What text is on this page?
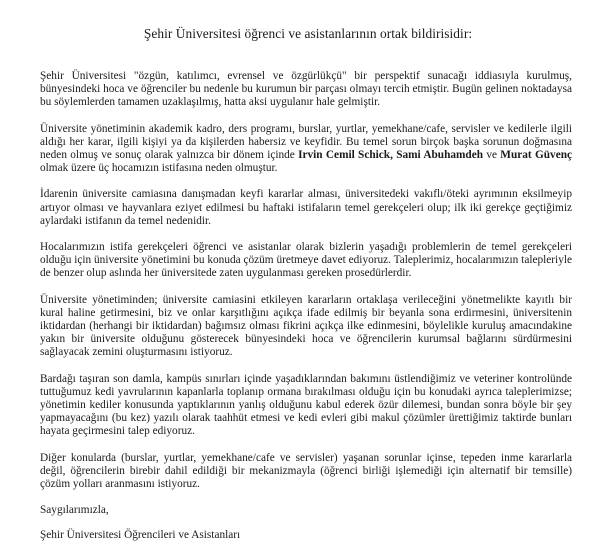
Şehir Üniversitesi öğrenci ve asistanlarının ortak bildirisidir:

Şehir Üniversitesi "özgün, katılımcı, evrensel ve özgürlükçü" bir perspektif sunacağı iddiasıyla kurulmuş, bünyesindeki hoca ve öğrenciler bu nedenle bu kurumun bir parçası olmayı tercih etmiştir. Bugün gelinen noktadaysa bu söylemlerden tamamen uzaklaşılmış, hatta aksi uygulanır hale gelmiştir.

Üniversite yönetiminin akademik kadro, ders programı, burslar, yurtlar, yemekhane/cafe, servisler ve kedilerle ilgili aldığı her karar, ilgili kişiyi ya da kişilerden habersiz ve keyfidir. Bu temel sorun birçok başka sorunun doğmasına neden olmuş ve sonuç olarak yalnızca bir dönem içinde Irvin Cemil Schick, Sami Abuhamdeh ve Murat Güvenç olmak üzere üç hocamızın istifasına neden olmuştur.

İdarenin üniversite camiasına danışmadan keyfi kararlar alması, üniversitedeki vakıflı/öteki ayrımının eksilmeyip artıyor olması ve hayvanlara eziyet edilmesi bu haftaki istifaların temel gerekçeleri olup; ilk iki gerekçe geçtiğimiz aylardaki istifanın da temel nedenidir.

Hocalarımızın istifa gerekçeleri öğrenci ve asistanlar olarak bizlerin yaşadığı problemlerin de temel gerekçeleri olduğu için üniversite yönetimini bu konuda çözüm üretmeye davet ediyoruz. Taleplerimiz, hocalarımızın talepleriyle de benzer olup aslında her üniversitede zaten uygulanması gereken prosedürlerdir.

Üniversite yönetiminden; üniversite camiasini etkileyen kararların ortaklaşa verileceğini yönetmelikte kayıtlı bir kural haline getirmesini, biz ve onlar karşıtlığını açıkça ifade edilmiş bir beyanla sona erdirmesini, üniversitenin iktidardan (herhangi bir iktidardan) bağımsız olması fikrini açıkça ilke edinmesini, böylelikle kuruluş amacındakine yakın bir üniversite olduğunu gösterecek bünyesindeki hoca ve öğrencilerin kurumsal bağlarını sürdürmesini sağlayacak zemini oluşturmasını istiyoruz.

Bardağı taşıran son damla, kampüs sınırları içinde yaşadıklarından bakımını üstlendiğimiz ve veteriner kontrolünde tuttuğumuz kedi yavrularının kapanlarla toplanıp ormana bırakılması olduğu için bu konudaki ayrıca taleplerimizse; yönetimin kediler konusunda yaptıklarının yanlış olduğunu kabul ederek özür dilemesi, bundan sonra böyle bir şey yapmayacağını (bu kez) yazılı olarak taahhüt etmesi ve kedi evleri gibi makul çözümler ürettiğimiz taktirde bunları hayata geçirmesini talep ediyoruz.

Diğer konularda (burslar, yurtlar, yemekhane/cafe ve servisler) yaşanan sorunlar içinse, tepeden inme kararlarla değil, öğrencilerin birebir dahil edildiği bir mekanizmayla (öğrenci birliği işlemediği için alternatif bir temsille) çözüm yolları aranmasını istiyoruz.

Saygılarımızla,

Şehir Üniversitesi Öğrencileri ve Asistanları
